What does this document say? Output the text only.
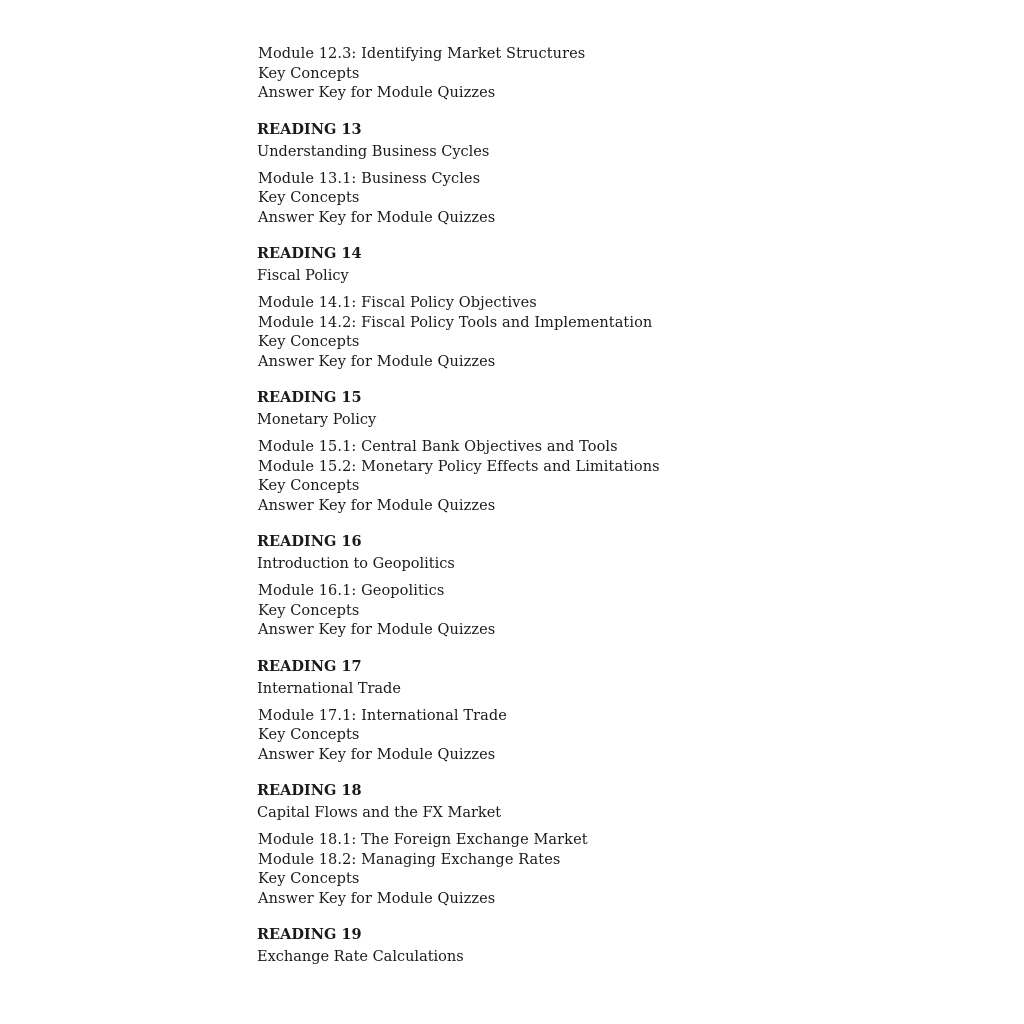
Module 12.3: Identifying Market Structures
Key Concepts
Answer Key for Module Quizzes
READING 13
Understanding Business Cycles
Module 13.1: Business Cycles
Key Concepts
Answer Key for Module Quizzes
READING 14
Fiscal Policy
Module 14.1: Fiscal Policy Objectives
Module 14.2: Fiscal Policy Tools and Implementation
Key Concepts
Answer Key for Module Quizzes
READING 15
Monetary Policy
Module 15.1: Central Bank Objectives and Tools
Module 15.2: Monetary Policy Effects and Limitations
Key Concepts
Answer Key for Module Quizzes
READING 16
Introduction to Geopolitics
Module 16.1: Geopolitics
Key Concepts
Answer Key for Module Quizzes
READING 17
International Trade
Module 17.1: International Trade
Key Concepts
Answer Key for Module Quizzes
READING 18
Capital Flows and the FX Market
Module 18.1: The Foreign Exchange Market
Module 18.2: Managing Exchange Rates
Key Concepts
Answer Key for Module Quizzes
READING 19
Exchange Rate Calculations
